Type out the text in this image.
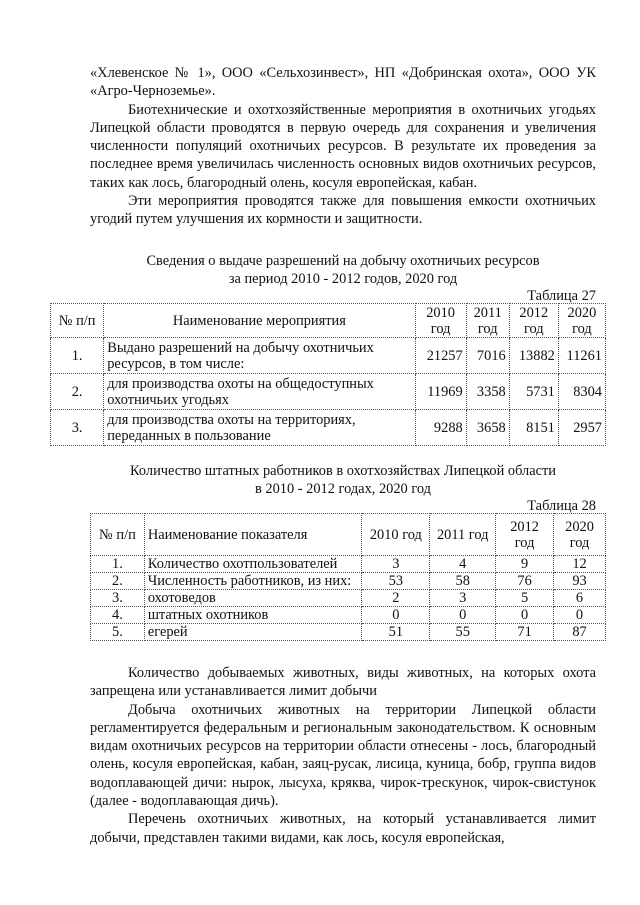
«Хлевенское № 1», ООО «Сельхозинвест», НП «Добринская охота», ООО УК «Агро-Черноземье».

Биотехнические и охотхозяйственные мероприятия в охотничьих угодьях Липецкой области проводятся в первую очередь для сохранения и увеличения численности популяций охотничьих ресурсов. В результате их проведения за последнее время увеличилась численность основных видов охотничьих ресурсов, таких как лось, благородный олень, косуля европейская, кабан.

Эти мероприятия проводятся также для повышения емкости охотничьих угодий путем улучшения их кормности и защитности.

Сведения о выдаче разрешений на добычу охотничьих ресурсов
за период 2010 - 2012 годов, 2020 год
Таблица 27
№ п/п	Наименование мероприятия	2010 год	2011 год	2012 год	2020 год
1.	Выдано разрешений на добычу охотничьих ресурсов, в том числе:	21257	7016	13882	11261
2.	для производства охоты на общедоступных охотничьих угодьях	11969	3358	5731	8304
3.	для производства охоты на территориях, переданных в пользование	9288	3658	8151	2957
Количество штатных работников в охотхозяйствах Липецкой области
в 2010 - 2012 годах, 2020 год
Таблица 28
№ п/п	Наименование показателя	2010 год	2011 год	2012 год	2020 год
1.	Количество охотпользователей	3	4	9	12
2.	Численность работников, из них:	53	58	76	93
3.	охотоведов	2	3	5	6
4.	штатных охотников	0	0	0	0
5.	егерей	51	55	71	87

Количество добываемых животных, виды животных, на которых охота запрещена или устанавливается лимит добычи

Добыча охотничьих животных на территории Липецкой области регламентируется федеральным и региональным законодательством. К основным видам охотничьих ресурсов на территории области отнесены - лось, благородный олень, косуля европейская, кабан, заяц-русак, лисица, куница, бобр, группа видов водоплавающей дичи: нырок, лысуха, кряква, чирок-трескунок, чирок-свистунок (далее - водоплавающая дичь).

Перечень охотничьих животных, на который устанавливается лимит добычи, представлен такими видами, как лось, косуля европейская,
